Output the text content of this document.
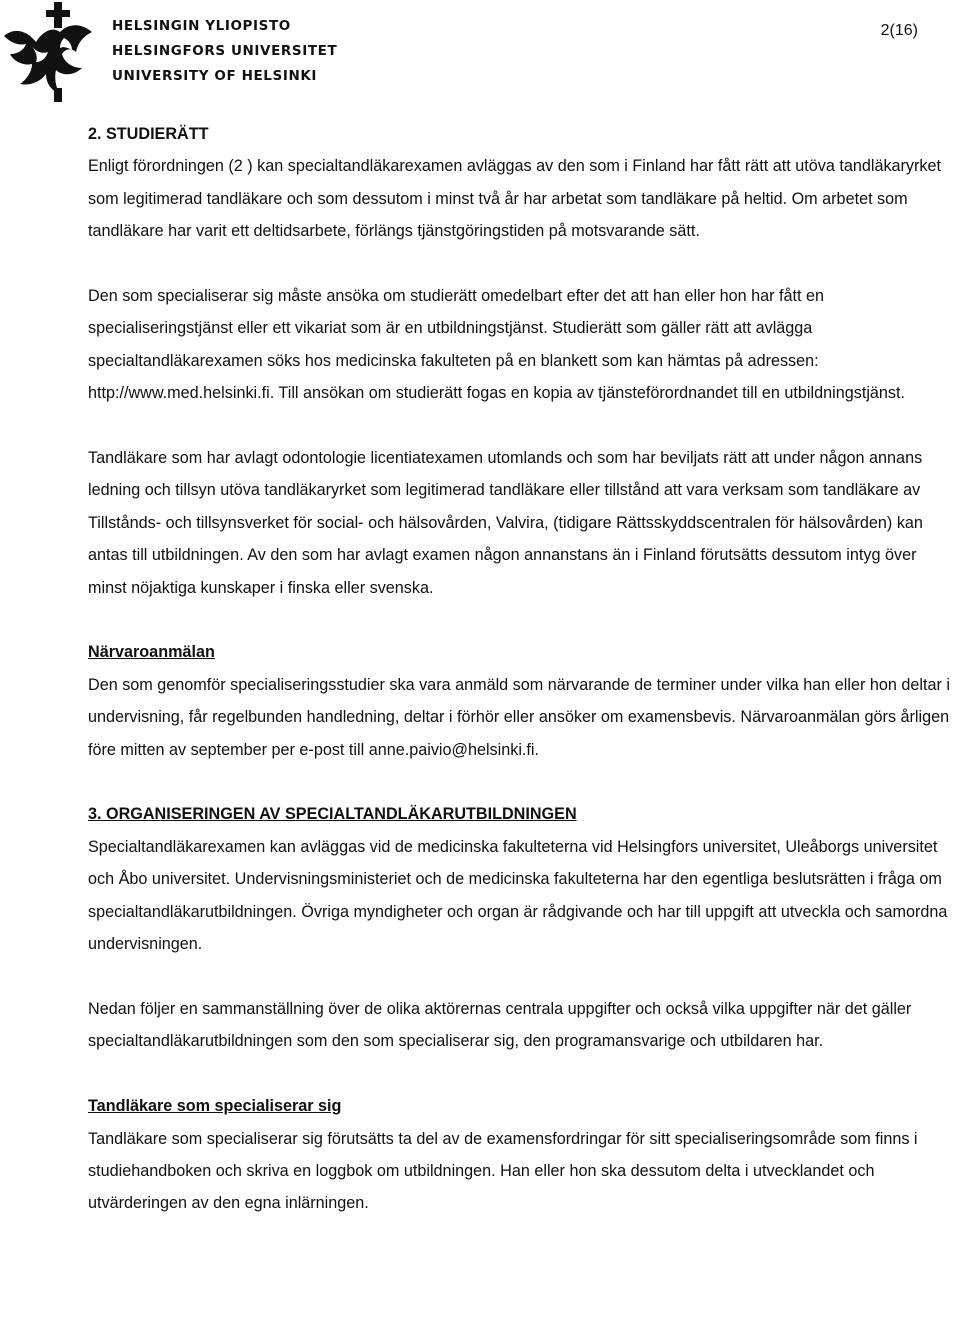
HELSINGIN YLIOPISTO
HELSINGFORS UNIVERSITET
UNIVERSITY OF HELSINKI
2(16)

2. STUDIERÄTT

Enligt förordningen (2 ) kan specialtandläkarexamen avläggas av den som i Finland har fått rätt att utöva tandläkaryrket som legitimerad tandläkare och som dessutom i minst två år har arbetat som tandläkare på heltid. Om arbetet som tandläkare har varit ett deltidsarbete, förlängs tjänstgöringstiden på motsvarande sätt.

Den som specialiserar sig måste ansöka om studierätt omedelbart efter det att han eller hon har fått en specialiseringstjänst eller ett vikariat som är en utbildningstjänst. Studierätt som gäller rätt att avlägga specialtandläkarexamen söks hos medicinska fakulteten på en blankett som kan hämtas på adressen: http://www.med.helsinki.fi. Till ansökan om studierätt fogas en kopia av tjänsteförordnandet till en utbildningstjänst.

Tandläkare som har avlagt odontologie licentiatexamen utomlands och som har beviljats rätt att under någon annans ledning och tillsyn utöva tandläkaryrket som legitimerad tandläkare eller tillstånd att vara verksam som tandläkare av Tillstånds- och tillsynsverket för social- och hälsovården, Valvira, (tidigare Rättsskyddscentralen för hälsovården) kan antas till utbildningen. Av den som har avlagt examen någon annanstans än i Finland förutsätts dessutom intyg över minst nöjaktiga kunskaper i finska eller svenska.

Närvaroanmälan

Den som genomför specialiseringsstudier ska vara anmäld som närvarande de terminer under vilka han eller hon deltar i undervisning, får regelbunden handledning, deltar i förhör eller ansöker om examensbevis. Närvaroanmälan görs årligen före mitten av september per e-post till anne.paivio@helsinki.fi.

3. ORGANISERINGEN AV SPECIALTANDLÄKARUTBILDNINGEN

Specialtandläkarexamen kan avläggas vid de medicinska fakulteterna vid Helsingfors universitet, Uleåborgs universitet och Åbo universitet. Undervisningsministeriet och de medicinska fakulteterna har den egentliga beslutsrätten i fråga om specialtandläkarutbildningen. Övriga myndigheter och organ är rådgivande och har till uppgift att utveckla och samordna undervisningen.

Nedan följer en sammanställning över de olika aktörernas centrala uppgifter och också vilka uppgifter när det gäller specialtandläkarutbildningen som den som specialiserar sig, den programansvarige och utbildaren har.

Tandläkare som specialiserar sig

Tandläkare som specialiserar sig förutsätts ta del av de examensfordringar för sitt specialiseringsområde som finns i studiehandboken och skriva en loggbok om utbildningen. Han eller hon ska dessutom delta i utvecklandet och utvärderingen av den egna inlärningen.
